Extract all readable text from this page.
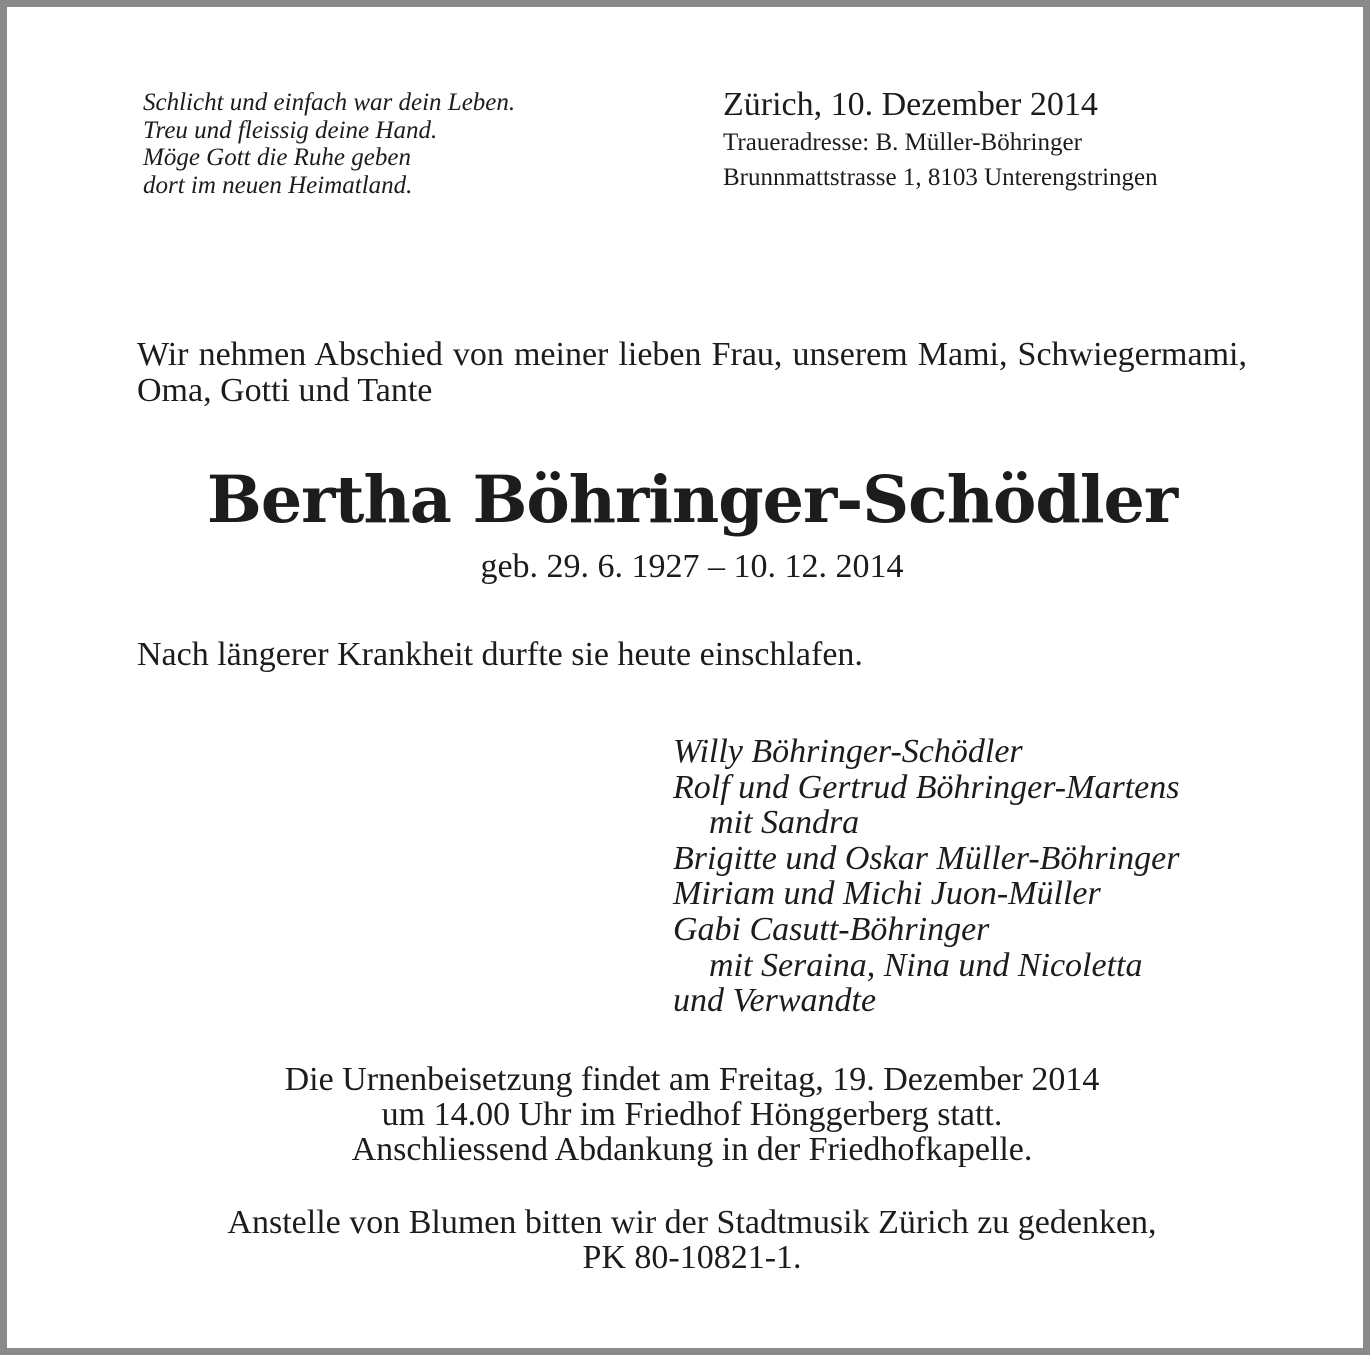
Schlicht und einfach war dein Leben.
Treu und fleissig deine Hand.
Möge Gott die Ruhe geben
dort im neuen Heimatland.
Zürich, 10. Dezember 2014
Traueradresse: B. Müller-Böhringer
Brunnmattstrasse 1, 8103 Unterengstringen
Wir nehmen Abschied von meiner lieben Frau, unserem Mami, Schwiegermami, Oma, Gotti und Tante
Bertha Böhringer-Schödler
geb. 29. 6. 1927 – 10. 12. 2014
Nach längerer Krankheit durfte sie heute einschlafen.
Willy Böhringer-Schödler
Rolf und Gertrud Böhringer-Martens
mit Sandra
Brigitte und Oskar Müller-Böhringer
Miriam und Michi Juon-Müller
Gabi Casutt-Böhringer
mit Seraina, Nina und Nicoletta
und Verwandte
Die Urnenbeisetzung findet am Freitag, 19. Dezember 2014
um 14.00 Uhr im Friedhof Hönggerberg statt.
Anschliessend Abdankung in der Friedhofkapelle.
Anstelle von Blumen bitten wir der Stadtmusik Zürich zu gedenken,
PK 80-10821-1.
